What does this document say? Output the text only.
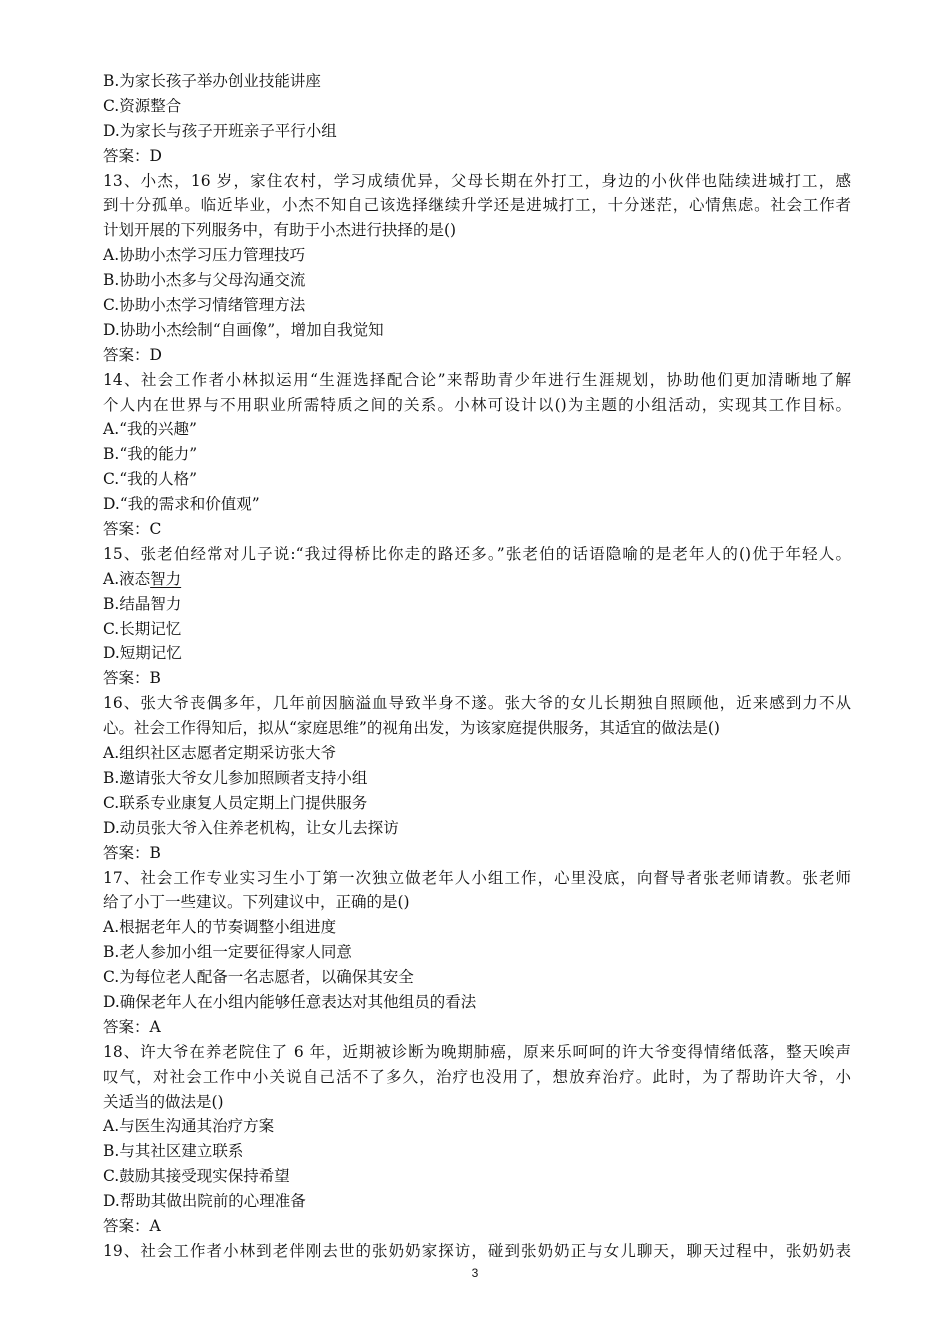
B.为家长孩子举办创业技能讲座
C.资源整合
D.为家长与孩子开班亲子平行小组
答案：D
13、小杰，16 岁，家住农村，学习成绩优异，父母长期在外打工，身边的小伙伴也陆续进城打工，感
到十分孤单。临近毕业，小杰不知自己该选择继续升学还是进城打工，十分迷茫，心情焦虑。社会工作者
计划开展的下列服务中，有助于小杰进行抉择的是()
A.协助小杰学习压力管理技巧
B.协助小杰多与父母沟通交流
C.协助小杰学习情绪管理方法
D.协助小杰绘制“自画像”，增加自我觉知
答案：D
14、社会工作者小林拟运用“生涯选择配合论”来帮助青少年进行生涯规划，协助他们更加清晰地了解
个人内在世界与不用职业所需特质之间的关系。小林可设计以()为主题的小组活动，实现其工作目标。
A.“我的兴趣”
B.“我的能力”
C.“我的人格”
D.“我的需求和价值观”
答案：C
15、张老伯经常对儿子说:“我过得桥比你走的路还多。”张老伯的话语隐喻的是老年人的()优于年轻人。
A.液态智力
B.结晶智力
C.长期记忆
D.短期记忆
答案：B
16、张大爷丧偶多年，几年前因脑溢血导致半身不遂。张大爷的女儿长期独自照顾他，近来感到力不从
心。社会工作得知后，拟从“家庭思维”的视角出发，为该家庭提供服务，其适宜的做法是()
A.组织社区志愿者定期采访张大爷
B.邀请张大爷女儿参加照顾者支持小组
C.联系专业康复人员定期上门提供服务
D.动员张大爷入住养老机构，让女儿去探访
答案：B
17、社会工作专业实习生小丁第一次独立做老年人小组工作，心里没底，向督导者张老师请教。张老师
给了小丁一些建议。下列建议中，正确的是()
A.根据老年人的节奏调整小组进度
B.老人参加小组一定要征得家人同意
C.为每位老人配备一名志愿者，以确保其安全
D.确保老年人在小组内能够任意表达对其他组员的看法
答案：A
18、许大爷在养老院住了 6 年，近期被诊断为晚期肺癌，原来乐呵呵的许大爷变得情绪低落，整天唉声
叹气，对社会工作中小关说自己活不了多久，治疗也没用了，想放弃治疗。此时，为了帮助许大爷，小
关适当的做法是()
A.与医生沟通其治疗方案
B.与其社区建立联系
C.鼓励其接受现实保持希望
D.帮助其做出院前的心理准备
答案：A
19、社会工作者小林到老伴刚去世的张奶奶家探访，碰到张奶奶正与女儿聊天，聊天过程中，张奶奶表
3
